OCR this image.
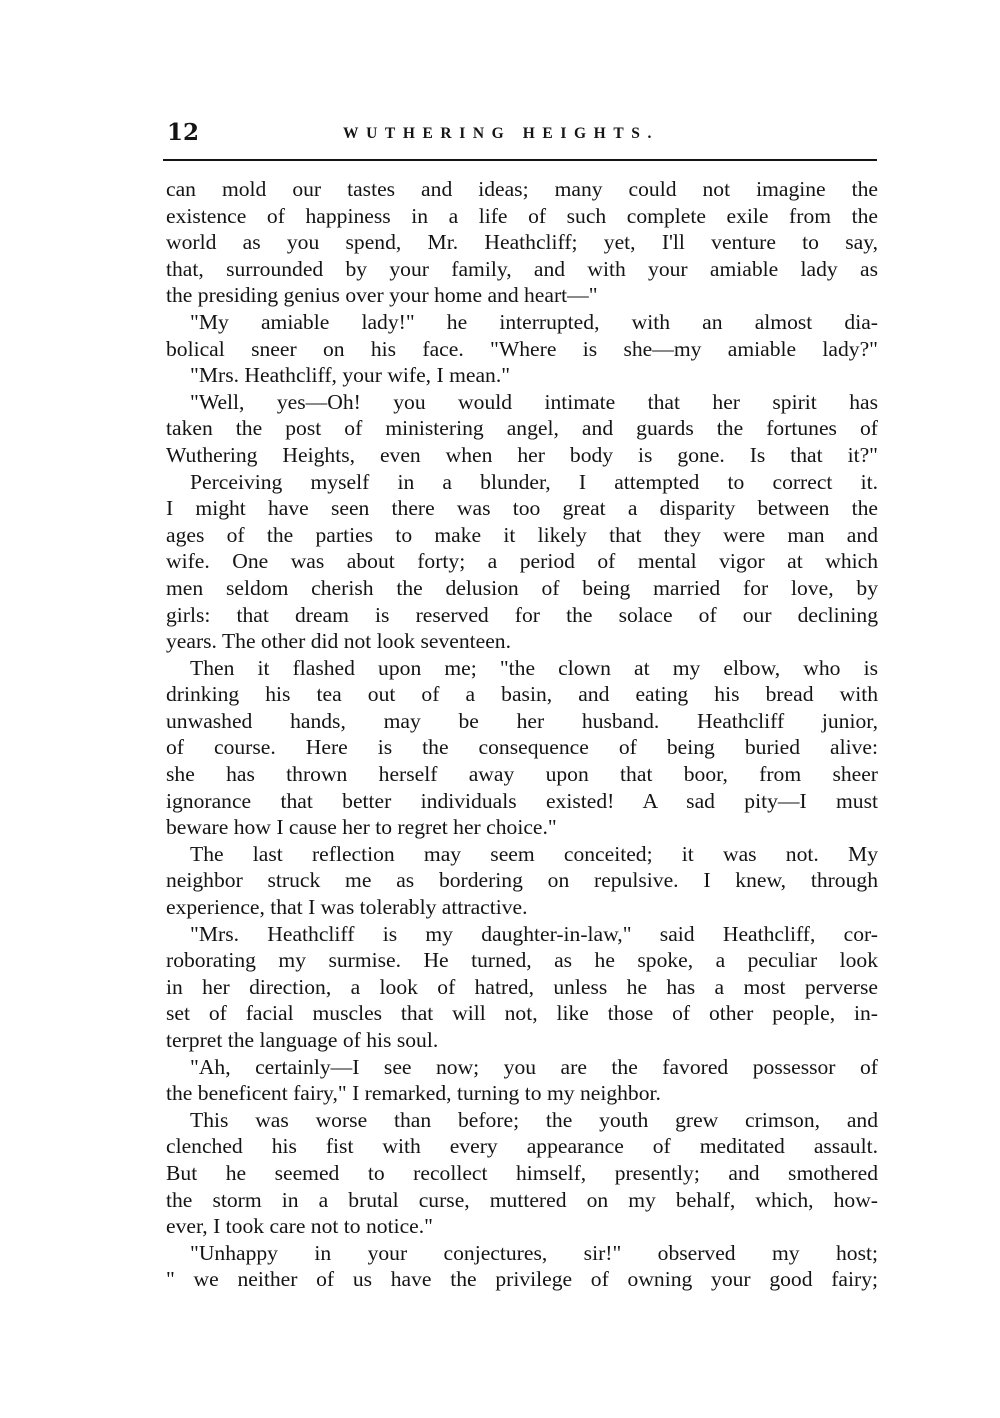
12	WUTHERING HEIGHTS.
can mold our tastes and ideas; many could not imagine the
existence of happiness in a life of such complete exile from the
world as you spend, Mr. Heathcliff; yet, I'll venture to say,
that, surrounded by your family, and with your amiable lady as
the presiding genius over your home and heart—"
"My amiable lady!" he interrupted, with an almost dia-
bolical sneer on his face. "Where is she—my amiable lady?"
"Mrs. Heathcliff, your wife, I mean."
"Well, yes—Oh! you would intimate that her spirit has
taken the post of ministering angel, and guards the fortunes of
Wuthering Heights, even when her body is gone. Is that it?"
Perceiving myself in a blunder, I attempted to correct it.
I might have seen there was too great a disparity between the
ages of the parties to make it likely that they were man and
wife. One was about forty; a period of mental vigor at which
men seldom cherish the delusion of being married for love, by
girls: that dream is reserved for the solace of our declining
years. The other did not look seventeen.
Then it flashed upon me; "the clown at my elbow, who is
drinking his tea out of a basin, and eating his bread with
unwashed hands, may be her husband. Heathcliff junior,
of course. Here is the consequence of being buried alive:
she has thrown herself away upon that boor, from sheer
ignorance that better individuals existed! A sad pity—I must
beware how I cause her to regret her choice."
The last reflection may seem conceited; it was not. My
neighbor struck me as bordering on repulsive. I knew, through
experience, that I was tolerably attractive.
"Mrs. Heathcliff is my daughter-in-law," said Heathcliff, cor-
roborating my surmise. He turned, as he spoke, a peculiar look
in her direction, a look of hatred, unless he has a most perverse
set of facial muscles that will not, like those of other people, in-
terpret the language of his soul.
"Ah, certainly—I see now; you are the favored possessor of
the beneficent fairy," I remarked, turning to my neighbor.
This was worse than before; the youth grew crimson, and
clenched his fist with every appearance of meditated assault.
But he seemed to recollect himself, presently; and smothered
the storm in a brutal curse, muttered on my behalf, which, how-
ever, I took care not to notice."
"Unhappy in your conjectures, sir!" observed my host;
" we neither of us have the privilege of owning your good fairy;
